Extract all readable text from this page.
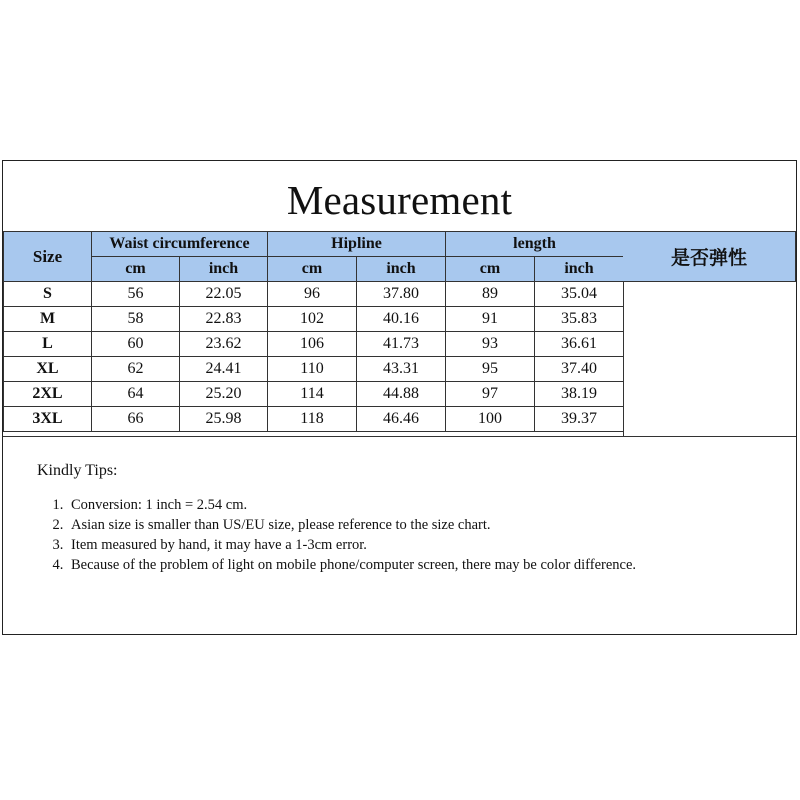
Measurement
Size	Waist circumference		Hipline		length	
	cm	inch	cm	inch	cm	inch
S	56	22.05	96	37.80	89	35.04
M	58	22.83	102	40.16	91	35.83
L	60	23.62	106	41.73	93	36.61
XL	62	24.41	110	43.31	95	37.40
2XL	64	25.20	114	44.88	97	38.19
3XL	66	25.98	118	46.46	100	39.37
是否弹性
Kindly Tips:
1. Conversion: 1 inch = 2.54 cm.
2. Asian size is smaller than US/EU size, please reference to the size chart.
3. Item measured by hand, it may have a 1-3cm error.
4. Because of the problem of light on mobile phone/computer screen, there may be color difference.
